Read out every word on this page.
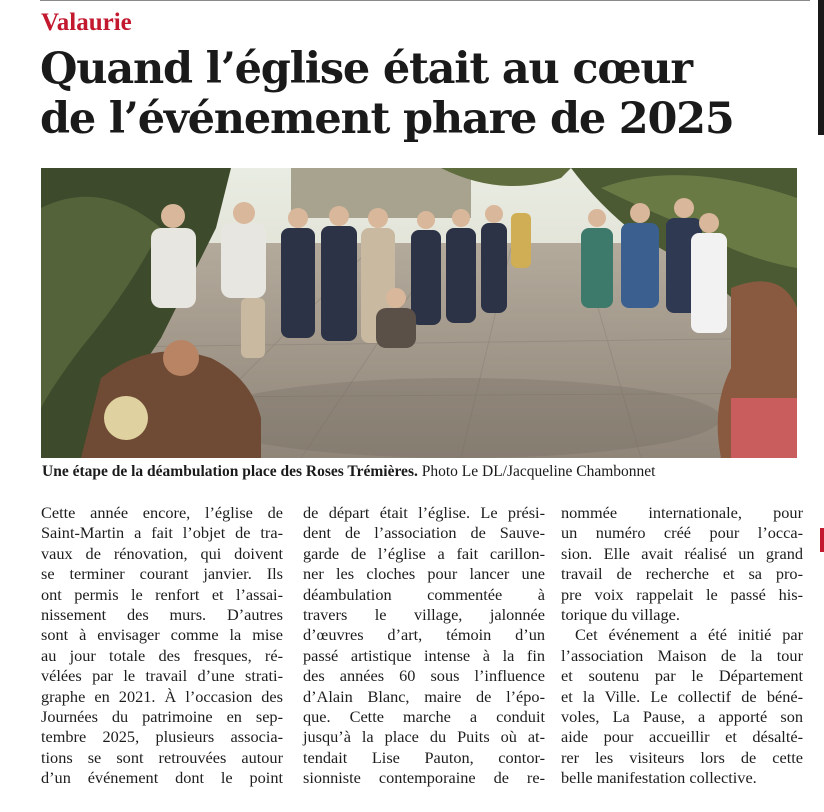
Valaurie
Quand l’église était au cœur
de l’événement phare de 2025
Une étape de la déambulation place des Roses Trémières. Photo Le DL/Jacqueline Chambonnet

Cette année encore, l’église de
Saint-Martin a fait l’objet de tra-
vaux de rénovation, qui doivent
se terminer courant janvier. Ils
ont permis le renfort et l’assai-
nissement des murs. D’autres
sont à envisager comme la mise
au jour totale des fresques, ré-
vélées par le travail d’une strati-
graphe en 2021. À l’occasion des
Journées du patrimoine en sep-
tembre 2025, plusieurs associa-
tions se sont retrouvées autour
d’un événement dont le point

de départ était l’église. Le prési-
dent de l’association de Sauve-
garde de l’église a fait carillon-
ner les cloches pour lancer une
déambulation commentée à
travers le village, jalonnée
d’œuvres d’art, témoin d’un
passé artistique intense à la fin
des années 60 sous l’influence
d’Alain Blanc, maire de l’épo-
que. Cette marche a conduit
jusqu’à la place du Puits où at-
tendait Lise Pauton, contor-
sionniste contemporaine de re-

nommée internationale, pour
un numéro créé pour l’occa-
sion. Elle avait réalisé un grand
travail de recherche et sa pro-
pre voix rappelait le passé his-
torique du village.
Cet événement a été initié par
l’association Maison de la tour
et soutenu par le Département
et la Ville. Le collectif de béné-
voles, La Pause, a apporté son
aide pour accueillir et désalté-
rer les visiteurs lors de cette
belle manifestation collective.
